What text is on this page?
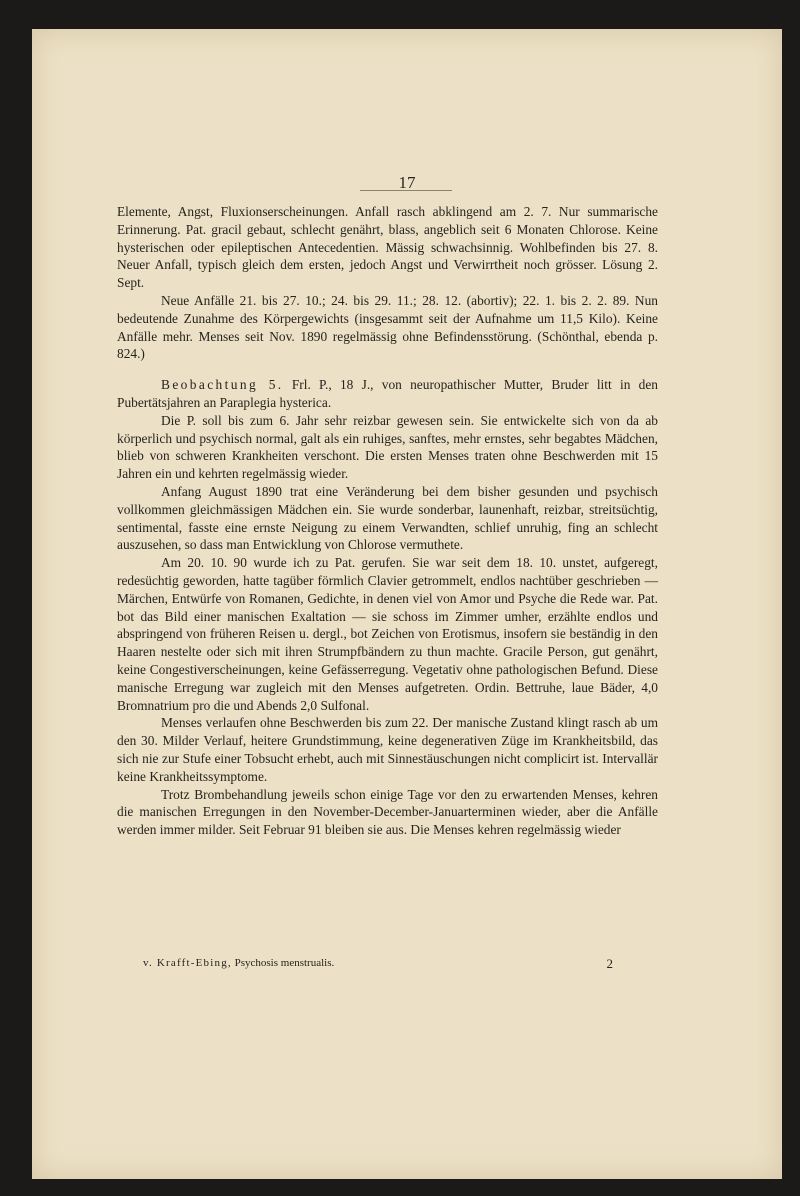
17

Elemente, Angst, Fluxionserscheinungen. Anfall rasch abklingend am 2. 7. Nur summarische Erinnerung. Pat. gracil gebaut, schlecht genährt, blass, angeblich seit 6 Monaten Chlorose. Keine hysterischen oder epileptischen Antecedentien. Mässig schwachsinnig. Wohlbefinden bis 27. 8. Neuer Anfall, typisch gleich dem ersten, jedoch Angst und Verwirrtheit noch grösser. Lösung 2. Sept.

Neue Anfälle 21. bis 27. 10.; 24. bis 29. 11.; 28. 12. (abortiv); 22. 1. bis 2. 2. 89. Nun bedeutende Zunahme des Körpergewichts (insgesammt seit der Aufnahme um 11,5 Kilo). Keine Anfälle mehr. Menses seit Nov. 1890 regelmässig ohne Befindensstörung. (Schönthal, ebenda p. 824.)

Beobachtung 5. Frl. P., 18 J., von neuropathischer Mutter, Bruder litt in den Pubertätsjahren an Paraplegia hysterica.

Die P. soll bis zum 6. Jahr sehr reizbar gewesen sein. Sie entwickelte sich von da ab körperlich und psychisch normal, galt als ein ruhiges, sanftes, mehr ernstes, sehr begabtes Mädchen, blieb von schweren Krankheiten verschont. Die ersten Menses traten ohne Beschwerden mit 15 Jahren ein und kehrten regelmässig wieder.

Anfang August 1890 trat eine Veränderung bei dem bisher gesunden und psychisch vollkommen gleichmässigen Mädchen ein. Sie wurde sonderbar, launenhaft, reizbar, streitsüchtig, sentimental, fasste eine ernste Neigung zu einem Verwandten, schlief unruhig, fing an schlecht auszusehen, so dass man Entwicklung von Chlorose vermuthete.

Am 20. 10. 90 wurde ich zu Pat. gerufen. Sie war seit dem 18. 10. unstet, aufgeregt, redesüchtig geworden, hatte tagüber förmlich Clavier getrommelt, endlos nachtüber geschrieben — Märchen, Entwürfe von Romanen, Gedichte, in denen viel von Amor und Psyche die Rede war. Pat. bot das Bild einer manischen Exaltation — sie schoss im Zimmer umher, erzählte endlos und abspringend von früheren Reisen u. dergl., bot Zeichen von Erotismus, insofern sie beständig in den Haaren nestelte oder sich mit ihren Strumpfbändern zu thun machte. Gracile Person, gut genährt, keine Congestiverscheinungen, keine Gefässerregung. Vegetativ ohne pathologischen Befund. Diese manische Erregung war zugleich mit den Menses aufgetreten. Ordin. Bettruhe, laue Bäder, 4,0 Bromnatrium pro die und Abends 2,0 Sulfonal.

Menses verlaufen ohne Beschwerden bis zum 22. Der manische Zustand klingt rasch ab um den 30. Milder Verlauf, heitere Grundstimmung, keine degenerativen Züge im Krankheitsbild, das sich nie zur Stufe einer Tobsucht erhebt, auch mit Sinnestäuschungen nicht complicirt ist. Intervallär keine Krankheitssymptome.

Trotz Brombehandlung jeweils schon einige Tage vor den zu erwartenden Menses, kehren die manischen Erregungen in den November-December-Januarterminen wieder, aber die Anfälle werden immer milder. Seit Februar 91 bleiben sie aus. Die Menses kehren regelmässig wieder

v. Krafft-Ebing, Psychosis menstrualis.	2
